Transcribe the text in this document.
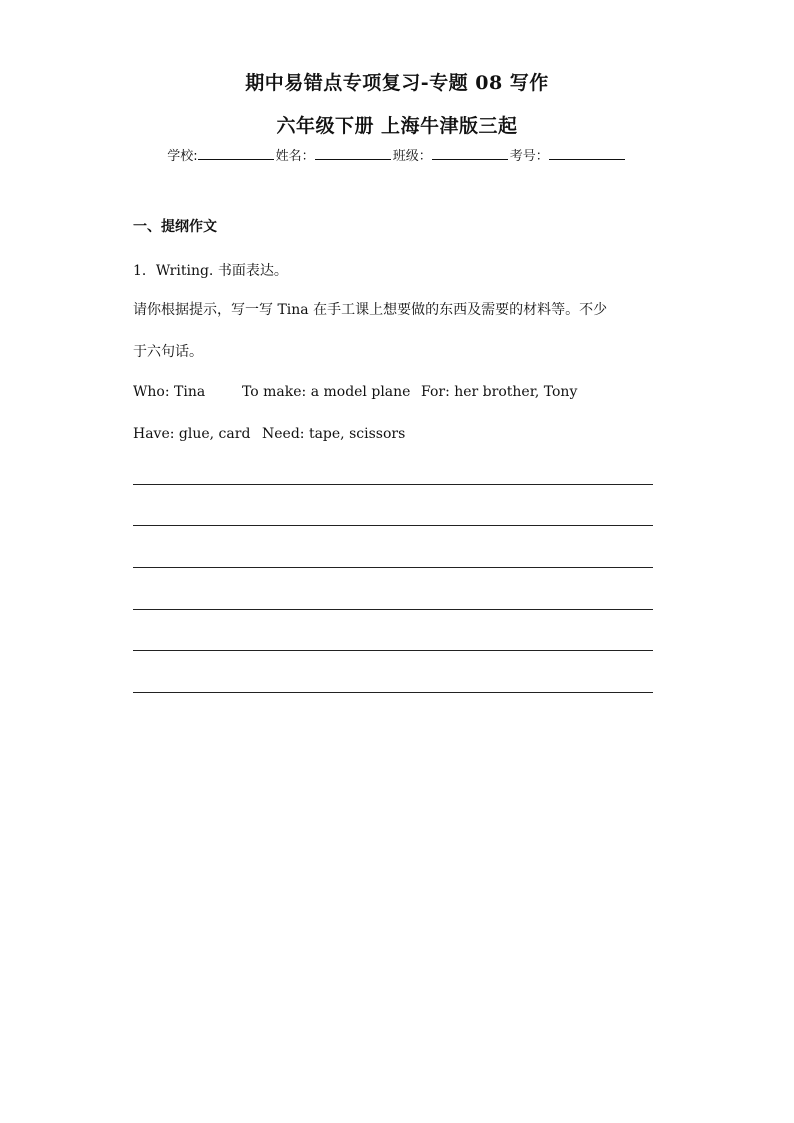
期中易错点专项复习-专题 08 写作
六年级下册 上海牛津版三起
学校:	姓名：	班级：	考号：
一、提纲作文
1．Writing. 书面表达。
请你根据提示，写一写 Tina 在手工课上想要做的东西及需要的材料等。不少
于六句话。
Who: Tina	To make: a model plane For: her brother, Tony
Have: glue, card Need: tape, scissors
